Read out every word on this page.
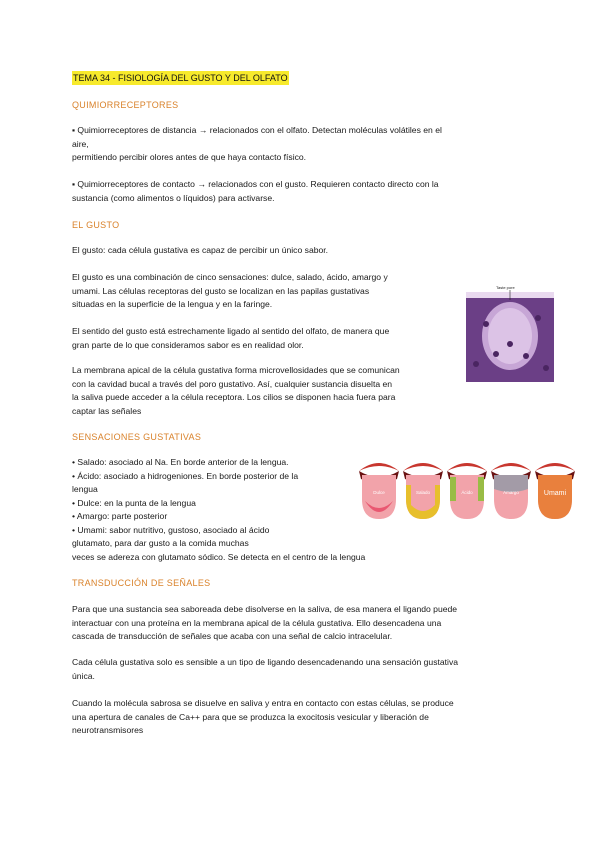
TEMA 34 - FISIOLOGÍA DEL GUSTO Y DEL OLFATO

QUIMIORRECEPTORES

▪ Quimiorreceptores de distancia → relacionados con el olfato. Detectan moléculas volátiles en el
aire,
permitiendo percibir olores antes de que haya contacto físico.
▪ Quimiorreceptores de contacto → relacionados con el gusto. Requieren contacto directo con la
sustancia (como alimentos o líquidos) para activarse.

EL GUSTO

El gusto: cada célula gustativa es capaz de percibir un único sabor.
El gusto es una combinación de cinco sensaciones: dulce, salado, ácido, amargo y
umami. Las células receptoras del gusto se localizan en las papilas gustativas
situadas en la superficie de la lengua y en la faringe.
El sentido del gusto está estrechamente ligado al sentido del olfato, de manera que
gran parte de lo que consideramos sabor es en realidad olor.
La membrana apical de la célula gustativa forma microvellosidades que se comunican
con la cavidad bucal a través del poro gustativo. Así, cualquier sustancia disuelta en
la saliva puede acceder a la célula receptora. Los cilios se disponen hacia fuera para
captar las señales
Taste pore

SENSACIONES GUSTATIVAS

• Salado: asociado al Na. En borde anterior de la lengua.
• Ácido: asociado a hidrogeniones. En borde posterior de la
lengua
• Dulce: en la punta de la lengua
• Amargo: parte posterior
• Umami: sabor nutritivo, gustoso, asociado al ácido
glutamato, para dar gusto a la comida muchas
veces se adereza con glutamato sódico. Se detecta en el centro de la lengua
Dulce	Salado	Ácido	Amargo	Umami

TRANSDUCCIÓN DE SEÑALES

Para que una sustancia sea saboreada debe disolverse en la saliva, de esa manera el ligando puede
interactuar con una proteína en la membrana apical de la célula gustativa. Ello desencadena una
cascada de transducción de señales que acaba con una señal de calcio intracelular.
Cada célula gustativa solo es sensible a un tipo de ligando desencadenando una sensación gustativa
única.
Cuando la molécula sabrosa se disuelve en saliva y entra en contacto con estas células, se produce
una apertura de canales de Ca++ para que se produzca la exocitosis vesicular y liberación de
neurotransmisores
